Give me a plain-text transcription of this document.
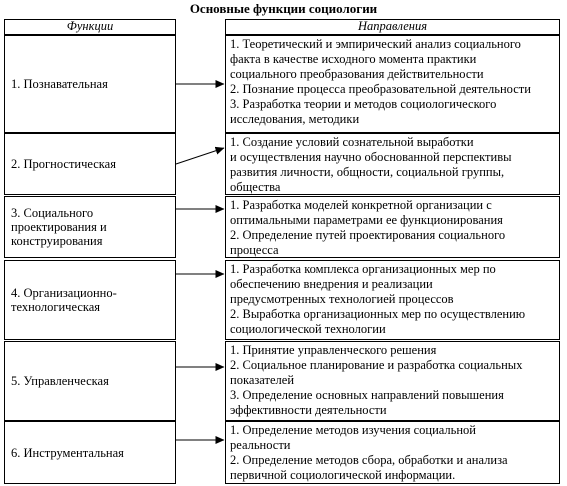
Основные функции социологии
Функции	Направления
1. Познавательная
1. Теоретический и эмпирический анализ социального
факта в качестве исходного момента практики
социального преобразования действительности
2. Познание процесса преобразовательной деятельности
3. Разработка теории и методов социологического
исследования, методики
2. Прогностическая
1. Создание условий сознательной выработки
и осуществления научно обоснованной перспективы
развития личности, общности, социальной группы,
общества
3. Социального
проектирования и
конструирования
1. Разработка моделей конкретной организации с
оптимальными параметрами ее функционирования
2. Определение путей проектирования социального
процесса
4. Организационно-
технологическая
1. Разработка комплекса организационных мер по
обеспечению внедрения и реализации
предусмотренных технологией процессов
2. Выработка организационных мер по осуществлению
социологической технологии
5. Управленческая
1. Принятие управленческого решения
2. Социальное планирование и разработка социальных
показателей
3. Определение основных направлений повышения
эффективности деятельности
6. Инструментальная
1. Определение методов изучения социальной
реальности
2. Определение методов сбора, обработки и анализа
первичной социологической информации.
